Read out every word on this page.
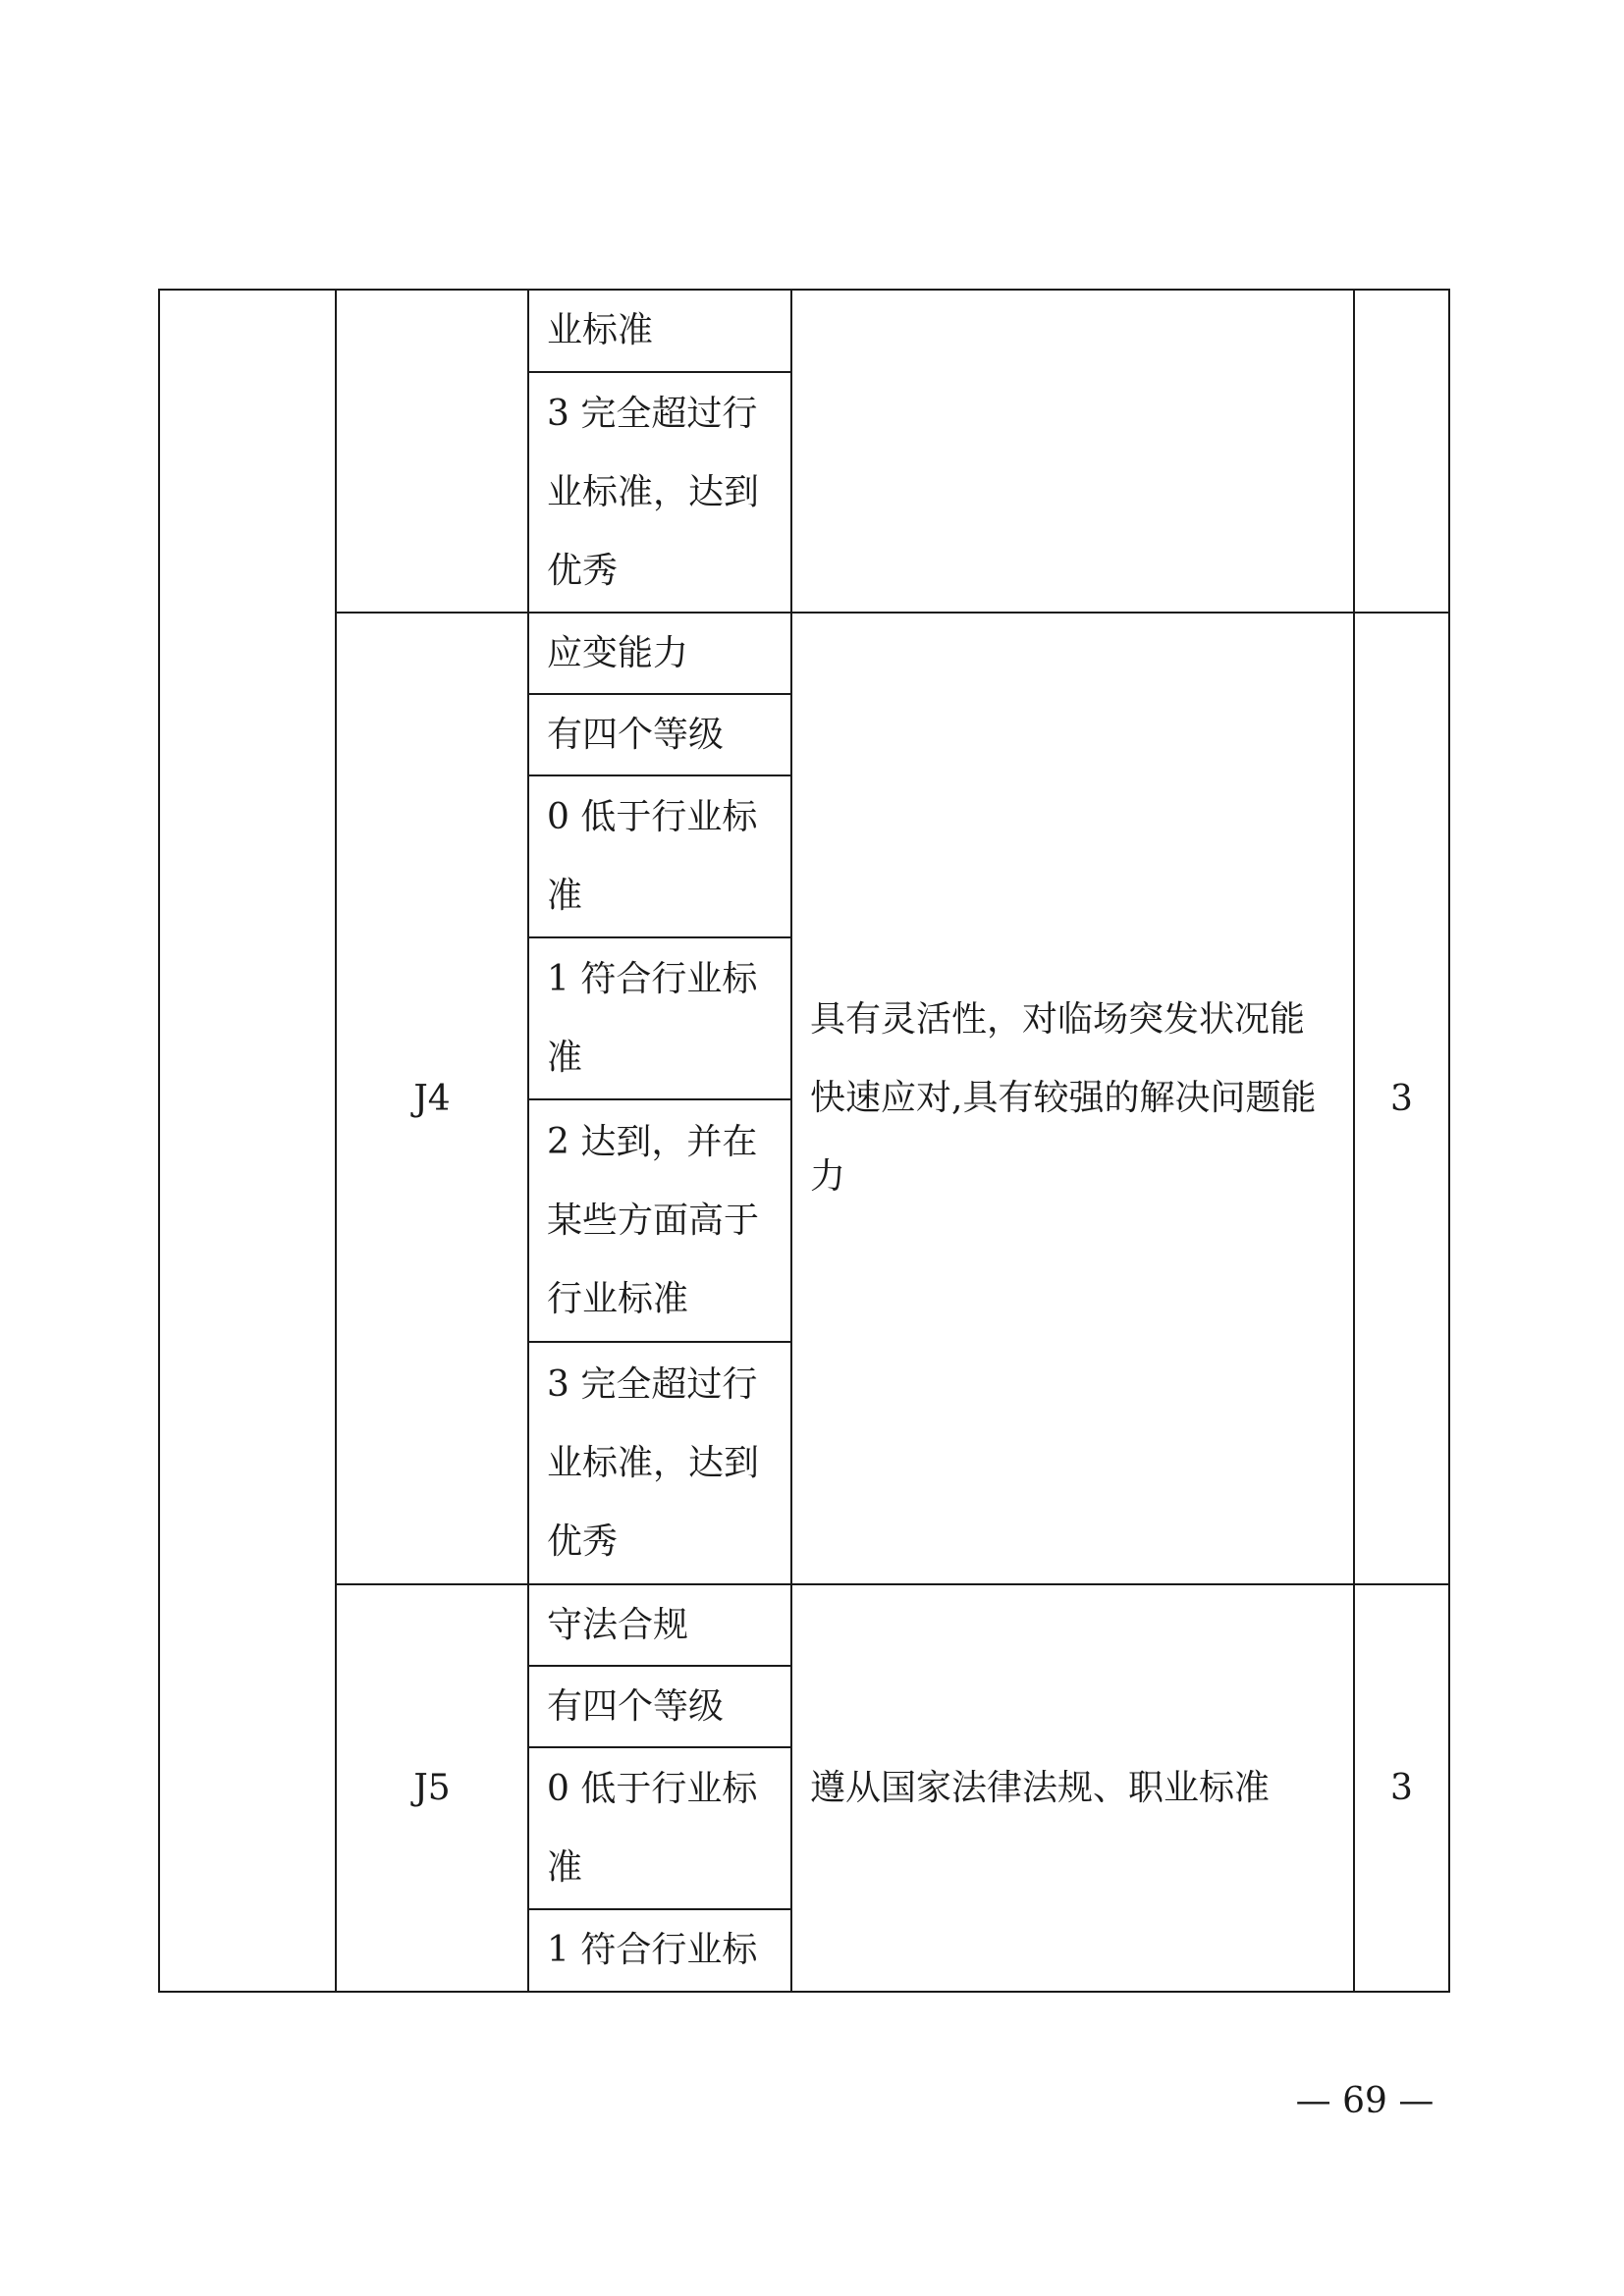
		业标准		

		3 完全超过行业标准，达到优秀		

	J4	应变能力	具有灵活性，对临场突发状况能快速应对,具有较强的解决问题能力	3

		有四个等级		

		0 低于行业标准		

		1 符合行业标准		

		2 达到，并在某些方面高于行业标准		

		3 完全超过行业标准，达到优秀		

	J5	守法合规	遵从国家法律法规、职业标准	3

		有四个等级		

		0 低于行业标准		

		1 符合行业标		
— 69 —
